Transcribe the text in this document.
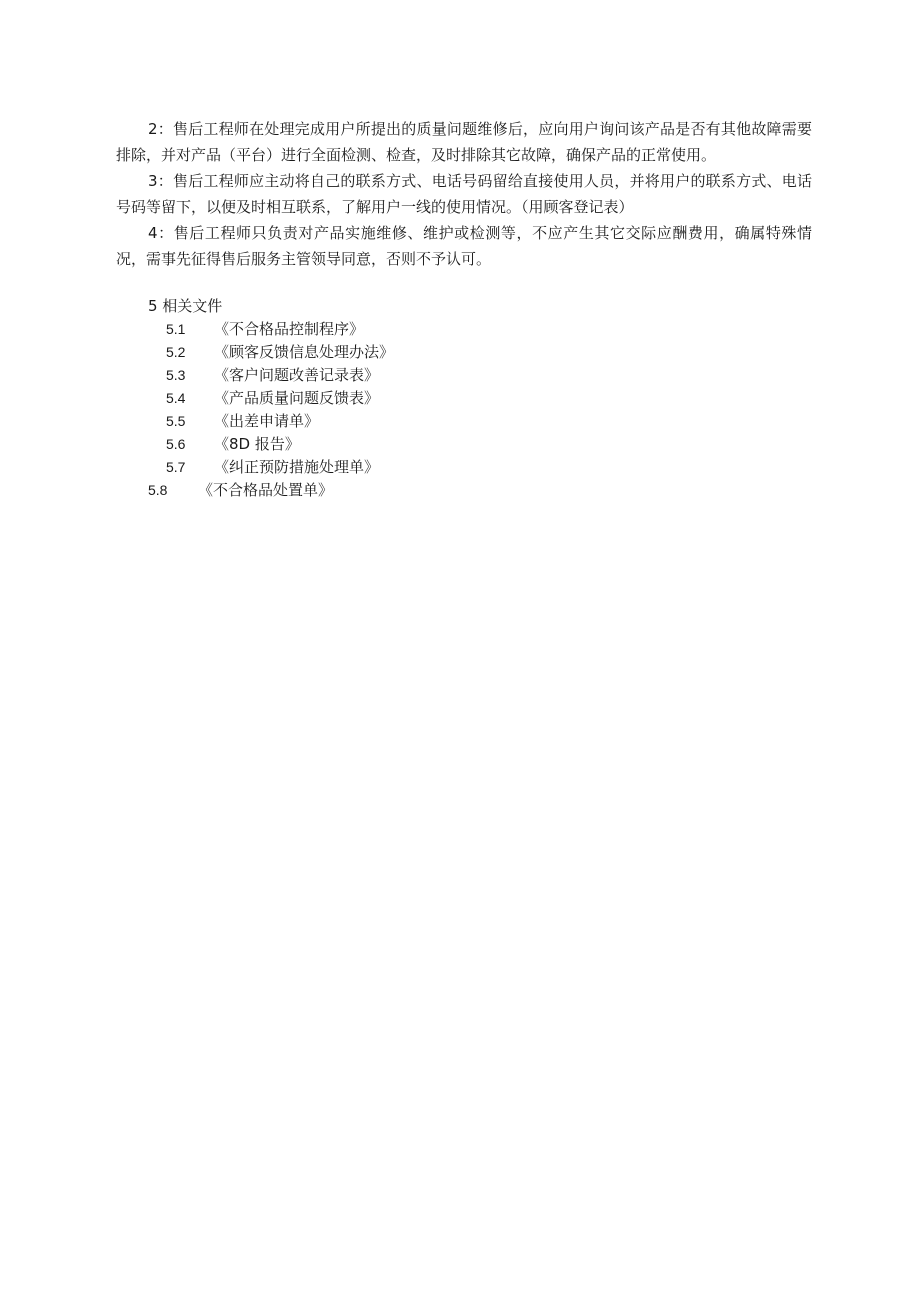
2：售后工程师在处理完成用户所提出的质量问题维修后，应向用户询问该产品是否有其他故障需要排除，并对产品（平台）进行全面检测、检查，及时排除其它故障，确保产品的正常使用。

3：售后工程师应主动将自己的联系方式、电话号码留给直接使用人员，并将用户的联系方式、电话号码等留下，以便及时相互联系，了解用户一线的使用情况。（用顾客登记表）

4：售后工程师只负责对产品实施维修、维护或检测等，不应产生其它交际应酬费用，确属特殊情况，需事先征得售后服务主管领导同意，否则不予认可。

5 相关文件
5.1 《不合格品控制程序》
5.2 《顾客反馈信息处理办法》
5.3 《客户问题改善记录表》
5.4 《产品质量问题反馈表》
5.5 《出差申请单》
5.6 《8D 报告》
5.7 《纠正预防措施处理单》
5.8 《不合格品处置单》
